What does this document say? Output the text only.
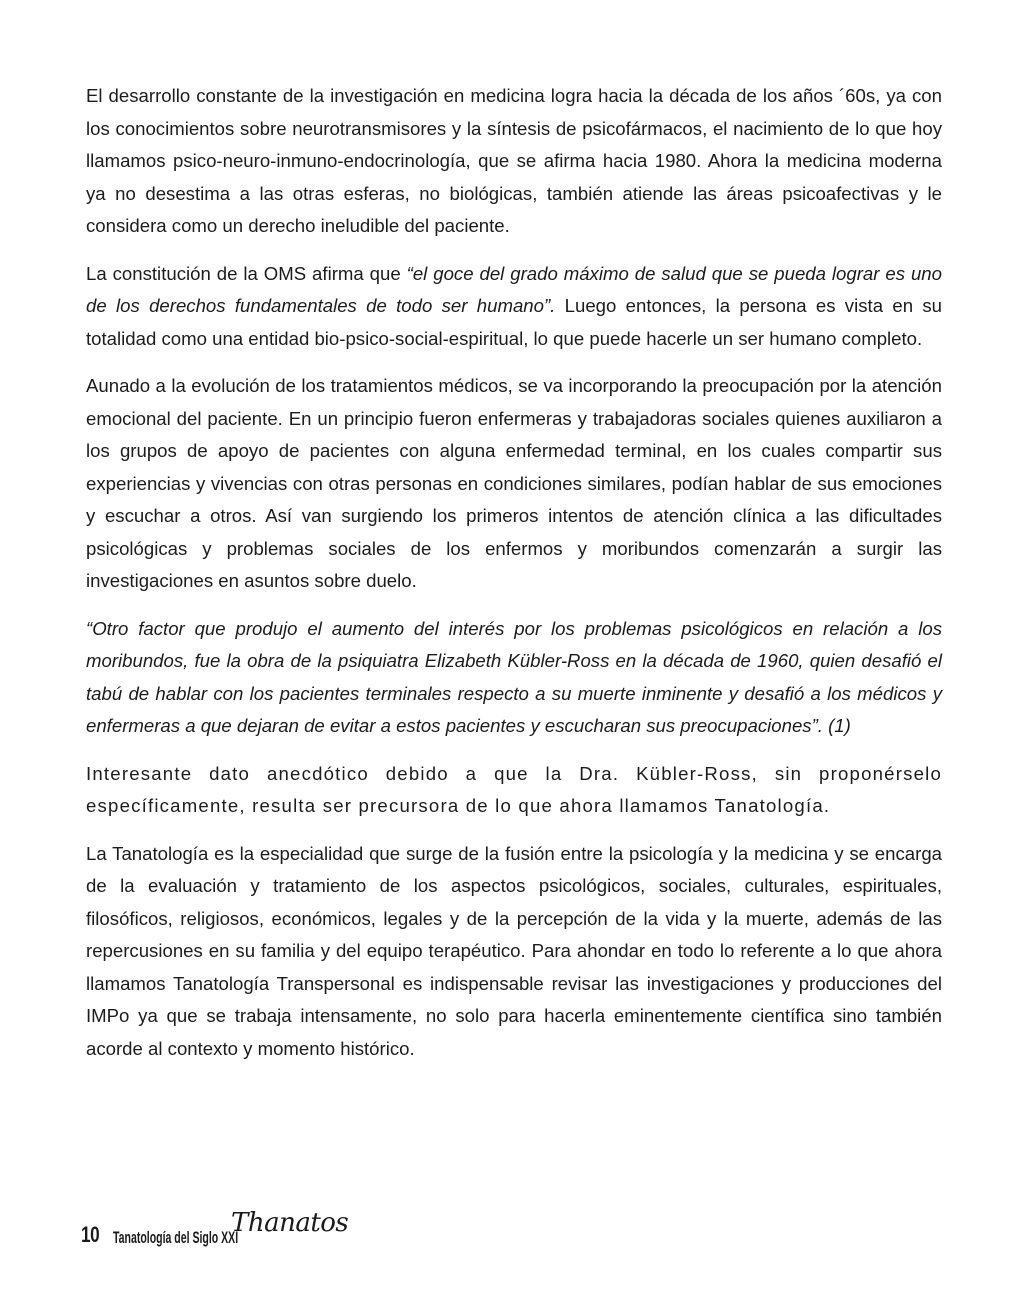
El desarrollo constante de la investigación en medicina logra hacia la década de los años ´60s, ya con los conocimientos sobre neurotransmisores y la síntesis de psicofármacos, el nacimiento de lo que hoy llamamos psico-neuro-inmuno-endocrinología, que se afirma hacia 1980. Ahora la medicina moderna ya no desestima a las otras esferas, no biológicas, también atiende las áreas psicoafectivas y le considera como un derecho ineludible del paciente.

La constitución de la OMS afirma que “el goce del grado máximo de salud que se pueda lograr es uno de los derechos fundamentales de todo ser humano”. Luego entonces, la persona es vista en su totalidad como una entidad bio-psico-social-espiritual, lo que puede hacerle un ser humano completo.

Aunado a la evolución de los tratamientos médicos, se va incorporando la preocupación por la atención emocional del paciente. En un principio fueron enfermeras y trabajadoras sociales quienes auxiliaron a los grupos de apoyo de pacientes con alguna enfermedad terminal, en los cuales compartir sus experiencias y vivencias con otras personas en condiciones similares, podían hablar de sus emociones y escuchar a otros. Así van surgiendo los primeros intentos de atención clínica a las dificultades psicológicas y problemas sociales de los enfermos y moribundos comenzarán a surgir las investigaciones en asuntos sobre duelo.

“Otro factor que produjo el aumento del interés por los problemas psicológicos en relación a los moribundos, fue la obra de la psiquiatra Elizabeth Kübler-Ross en la década de 1960, quien desafió el tabú de hablar con los pacientes terminales respecto a su muerte inminente y desafió a los médicos y enfermeras a que dejaran de evitar a estos pacientes y escucharan sus preocupaciones”. (1)

Interesante dato anecdótico debido a que la Dra. Kübler-Ross, sin proponérselo específicamente, resulta ser precursora de lo que ahora llamamos Tanatología.

La Tanatología es la especialidad que surge de la fusión entre la psicología y la medicina y se encarga de la evaluación y tratamiento de los aspectos psicológicos, sociales, culturales, espirituales, filosóficos, religiosos, económicos, legales y de la percepción de la vida y la muerte, además de las repercusiones en su familia y del equipo terapéutico. Para ahondar en todo lo referente a lo que ahora llamamos Tanatología Transpersonal es indispensable revisar las investigaciones y producciones del IMPo ya que se trabaja intensamente, no solo para hacerla eminentemente científica sino también acorde al contexto y momento histórico.

10 Tanatología del Siglo XXI
Thanatos
